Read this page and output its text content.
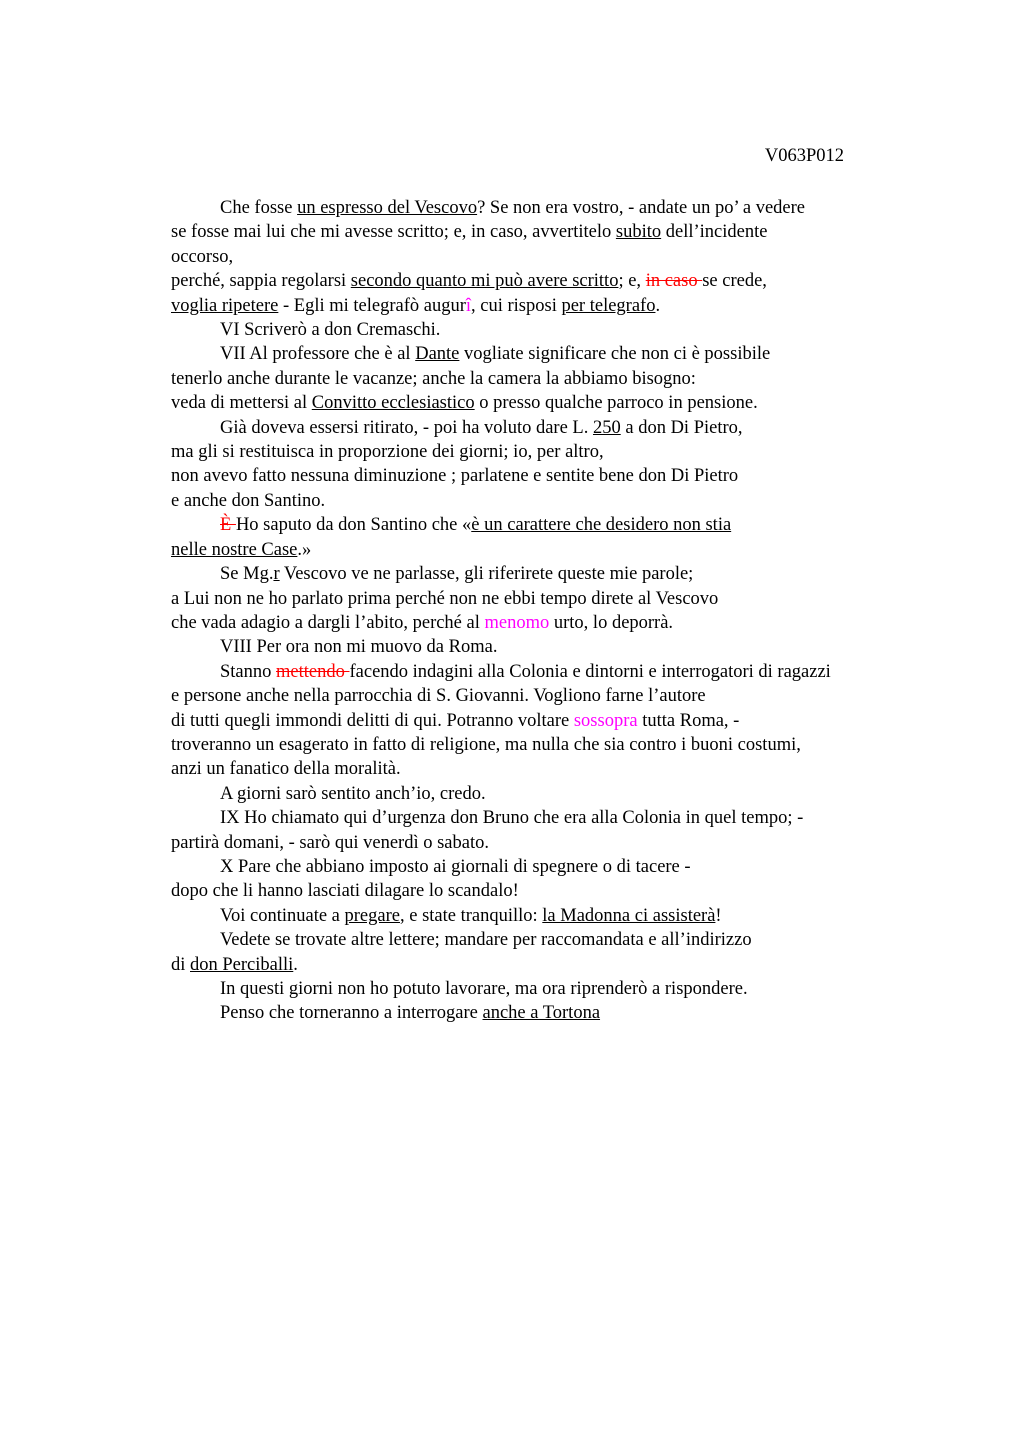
V063P012
Che fosse un espresso del Vescovo? Se non era vostro, - andate un po’ a vedere
se fosse mai lui che mi avesse scritto; e, in caso, avvertitelo subito dell’incidente
occorso,
perché, sappia regolarsi secondo quanto mi può avere scritto; e, in caso se crede,
voglia ripetere - Egli mi telegrafò augurî, cui risposi per telegrafo.
VI Scriverò a don Cremaschi.
VII Al professore che è al Dante vogliate significare che non ci è possibile
tenerlo anche durante le vacanze; anche la camera la abbiamo bisogno:
veda di mettersi al Convitto ecclesiastico o presso qualche parroco in pensione.
Già doveva essersi ritirato, - poi ha voluto dare L. 250 a don Di Pietro,
ma gli si restituisca in proporzione dei giorni; io, per altro,
non avevo fatto nessuna diminuzione ; parlatene e sentite bene don Di Pietro
e anche don Santino.
È Ho saputo da don Santino che «è un carattere che desidero non stia
nelle nostre Case.»
Se Mg.r Vescovo ve ne parlasse, gli riferirete queste mie parole;
a Lui non ne ho parlato prima perché non ne ebbi tempo direte al Vescovo
che vada adagio a dargli l’abito, perché al menomo urto, lo deporrà.
VIII Per ora non mi muovo da Roma.
Stanno mettendo facendo indagini alla Colonia e dintorni e interrogatori di ragazzi
e persone anche nella parrocchia di S. Giovanni. Vogliono farne l’autore
di tutti quegli immondi delitti di qui. Potranno voltare sossopra tutta Roma, -
troveranno un esagerato in fatto di religione, ma nulla che sia contro i buoni costumi,
anzi un fanatico della moralità.
A giorni sarò sentito anch’io, credo.
IX Ho chiamato qui d’urgenza don Bruno che era alla Colonia in quel tempo; -
partirà domani, - sarò qui venerdì o sabato.
X Pare che abbiano imposto ai giornali di spegnere o di tacere -
dopo che li hanno lasciati dilagare lo scandalo!
Voi continuate a pregare, e state tranquillo: la Madonna ci assisterà!
Vedete se trovate altre lettere; mandare per raccomandata e all’indirizzo
di don Perciballi.
In questi giorni non ho potuto lavorare, ma ora riprenderò a rispondere.
Penso che torneranno a interrogare anche a Tortona
